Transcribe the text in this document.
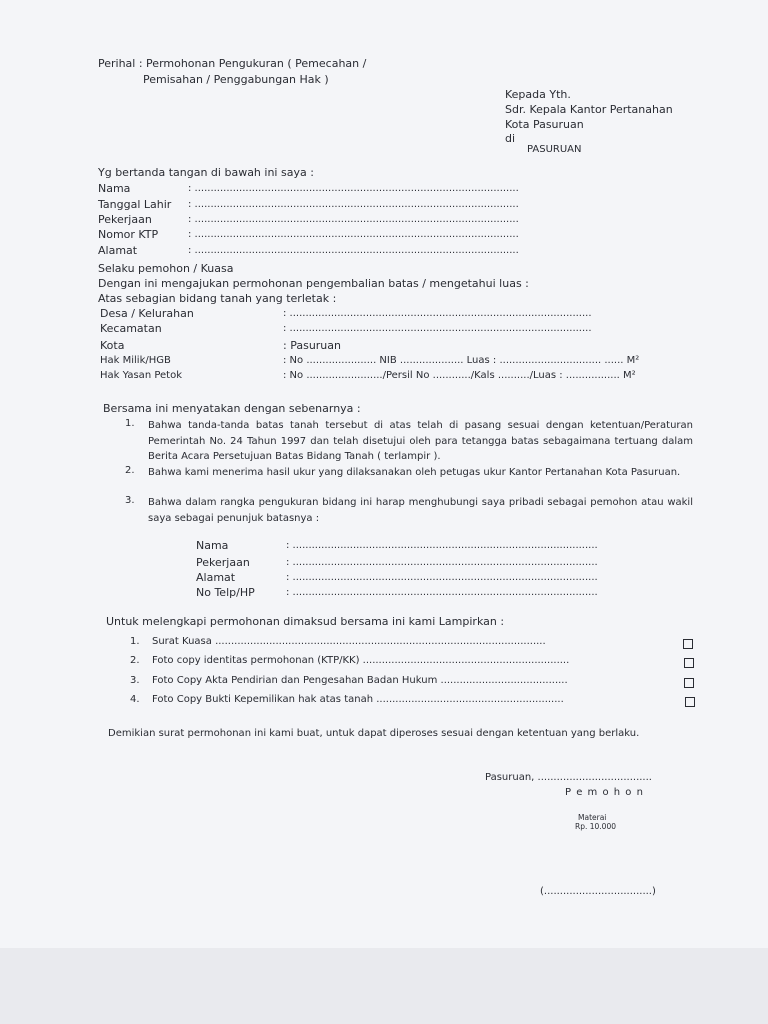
Perihal : Permohonan Pengukuran ( Pemecahan /
Pemisahan / Penggabungan Hak )
Kepada Yth.
Sdr. Kepala Kantor Pertanahan
Kota Pasuruan
di
PASURUAN
Yg bertanda tangan di bawah ini saya :
Nama	: ......................................................................................................
Tanggal Lahir : ......................................................................................................
Pekerjaan	: ......................................................................................................
Nomor KTP	: ......................................................................................................
Alamat	: ......................................................................................................
Selaku pemohon / Kuasa
Dengan ini mengajukan permohonan pengembalian batas / mengetahui luas :
Atas sebagian bidang tanah yang terletak :
Desa / Kelurahan	: ...............................................................................................
Kecamatan	: ...............................................................................................
Kota	: Pasuruan
Hak Milik/HGB	: No ...................... NIB .................... Luas : ................................ ...... M²
Hak Yasan Petok	: No ......................../Persil No ............/Kals ........../Luas : ................. M²
Bersama ini menyatakan dengan sebenarnya :
1. Bahwa tanda-tanda batas tanah tersebut di atas telah di pasang sesuai dengan ketentuan/Peraturan Pemerintah No. 24 Tahun 1997 dan telah disetujui oleh para tetangga batas sebagaimana tertuang dalam Berita Acara Persetujuan Batas Bidang Tanah ( terlampir ).
2. Bahwa kami menerima hasil ukur yang dilaksanakan oleh petugas ukur Kantor Pertanahan Kota Pasuruan.
3. Bahwa dalam rangka pengukuran bidang ini harap menghubungi saya pribadi sebagai pemohon atau wakil saya sebagai penunjuk batasnya :
Nama	: ................................................................................................
Pekerjaan	: ................................................................................................
Alamat	: ................................................................................................
No Telp/HP	: ................................................................................................
Untuk melengkapi permohonan dimaksud bersama ini kami Lampirkan :
1. Surat Kuasa ........................................................................................................
2. Foto copy identitas permohonan (KTP/KK) .................................................................
3. Foto Copy Akta Pendirian dan Pengesahan Badan Hukum ........................................
4. Foto Copy Bukti Kepemilikan hak atas tanah ...........................................................
Demikian surat permohonan ini kami buat, untuk dapat diperoses sesuai dengan ketentuan yang berlaku.
Pasuruan, ....................................
P e m o h o n
Materai
Rp. 10.000
(..................................)
